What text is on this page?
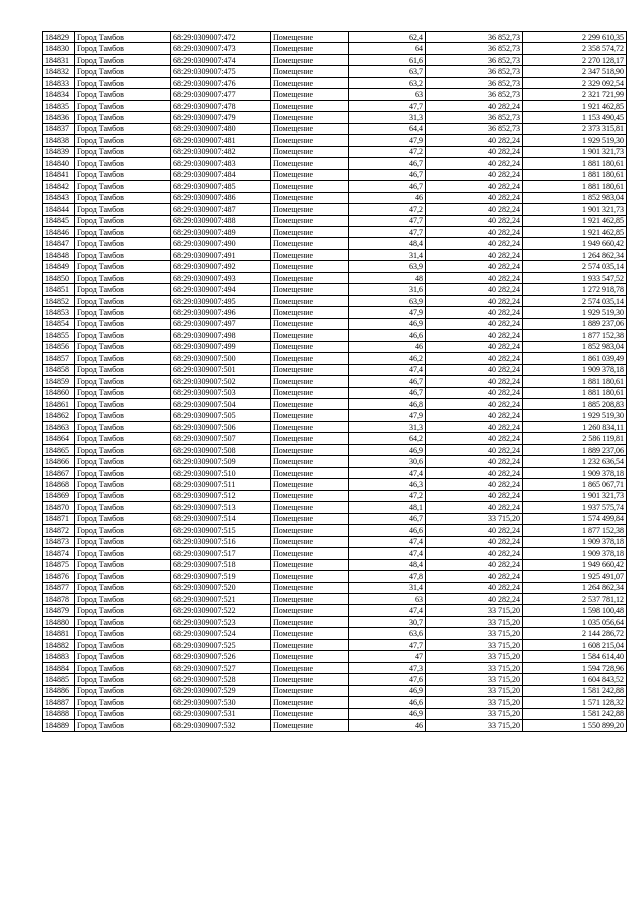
184829	Город Тамбов	68:29:0309007:472	Помещение	62,4	36 852,73	2 299 610,35
184830	Город Тамбов	68:29:0309007:473	Помещение	64	36 852,73	2 358 574,72
184831	Город Тамбов	68:29:0309007:474	Помещение	61,6	36 852,73	2 270 128,17
184832	Город Тамбов	68:29:0309007:475	Помещение	63,7	36 852,73	2 347 518,90
184833	Город Тамбов	68:29:0309007:476	Помещение	63,2	36 852,73	2 329 092,54
184834	Город Тамбов	68:29:0309007:477	Помещение	63	36 852,73	2 321 721,99
184835	Город Тамбов	68:29:0309007:478	Помещение	47,7	40 282,24	1 921 462,85
184836	Город Тамбов	68:29:0309007:479	Помещение	31,3	36 852,73	1 153 490,45
184837	Город Тамбов	68:29:0309007:480	Помещение	64,4	36 852,73	2 373 315,81
184838	Город Тамбов	68:29:0309007:481	Помещение	47,9	40 282,24	1 929 519,30
184839	Город Тамбов	68:29:0309007:482	Помещение	47,2	40 282,24	1 901 321,73
184840	Город Тамбов	68:29:0309007:483	Помещение	46,7	40 282,24	1 881 180,61
184841	Город Тамбов	68:29:0309007:484	Помещение	46,7	40 282,24	1 881 180,61
184842	Город Тамбов	68:29:0309007:485	Помещение	46,7	40 282,24	1 881 180,61
184843	Город Тамбов	68:29:0309007:486	Помещение	46	40 282,24	1 852 983,04
184844	Город Тамбов	68:29:0309007:487	Помещение	47,2	40 282,24	1 901 321,73
184845	Город Тамбов	68:29:0309007:488	Помещение	47,7	40 282,24	1 921 462,85
184846	Город Тамбов	68:29:0309007:489	Помещение	47,7	40 282,24	1 921 462,85
184847	Город Тамбов	68:29:0309007:490	Помещение	48,4	40 282,24	1 949 660,42
184848	Город Тамбов	68:29:0309007:491	Помещение	31,4	40 282,24	1 264 862,34
184849	Город Тамбов	68:29:0309007:492	Помещение	63,9	40 282,24	2 574 035,14
184850	Город Тамбов	68:29:0309007:493	Помещение	48	40 282,24	1 933 547,52
184851	Город Тамбов	68:29:0309007:494	Помещение	31,6	40 282,24	1 272 918,78
184852	Город Тамбов	68:29:0309007:495	Помещение	63,9	40 282,24	2 574 035,14
184853	Город Тамбов	68:29:0309007:496	Помещение	47,9	40 282,24	1 929 519,30
184854	Город Тамбов	68:29:0309007:497	Помещение	46,9	40 282,24	1 889 237,06
184855	Город Тамбов	68:29:0309007:498	Помещение	46,6	40 282,24	1 877 152,38
184856	Город Тамбов	68:29:0309007:499	Помещение	46	40 282,24	1 852 983,04
184857	Город Тамбов	68:29:0309007:500	Помещение	46,2	40 282,24	1 861 039,49
184858	Город Тамбов	68:29:0309007:501	Помещение	47,4	40 282,24	1 909 378,18
184859	Город Тамбов	68:29:0309007:502	Помещение	46,7	40 282,24	1 881 180,61
184860	Город Тамбов	68:29:0309007:503	Помещение	46,7	40 282,24	1 881 180,61
184861	Город Тамбов	68:29:0309007:504	Помещение	46,8	40 282,24	1 885 208,83
184862	Город Тамбов	68:29:0309007:505	Помещение	47,9	40 282,24	1 929 519,30
184863	Город Тамбов	68:29:0309007:506	Помещение	31,3	40 282,24	1 260 834,11
184864	Город Тамбов	68:29:0309007:507	Помещение	64,2	40 282,24	2 586 119,81
184865	Город Тамбов	68:29:0309007:508	Помещение	46,9	40 282,24	1 889 237,06
184866	Город Тамбов	68:29:0309007:509	Помещение	30,6	40 282,24	1 232 636,54
184867	Город Тамбов	68:29:0309007:510	Помещение	47,4	40 282,24	1 909 378,18
184868	Город Тамбов	68:29:0309007:511	Помещение	46,3	40 282,24	1 865 067,71
184869	Город Тамбов	68:29:0309007:512	Помещение	47,2	40 282,24	1 901 321,73
184870	Город Тамбов	68:29:0309007:513	Помещение	48,1	40 282,24	1 937 575,74
184871	Город Тамбов	68:29:0309007:514	Помещение	46,7	33 715,20	1 574 499,84
184872	Город Тамбов	68:29:0309007:515	Помещение	46,6	40 282,24	1 877 152,38
184873	Город Тамбов	68:29:0309007:516	Помещение	47,4	40 282,24	1 909 378,18
184874	Город Тамбов	68:29:0309007:517	Помещение	47,4	40 282,24	1 909 378,18
184875	Город Тамбов	68:29:0309007:518	Помещение	48,4	40 282,24	1 949 660,42
184876	Город Тамбов	68:29:0309007:519	Помещение	47,8	40 282,24	1 925 491,07
184877	Город Тамбов	68:29:0309007:520	Помещение	31,4	40 282,24	1 264 862,34
184878	Город Тамбов	68:29:0309007:521	Помещение	63	40 282,24	2 537 781,12
184879	Город Тамбов	68:29:0309007:522	Помещение	47,4	33 715,20	1 598 100,48
184880	Город Тамбов	68:29:0309007:523	Помещение	30,7	33 715,20	1 035 056,64
184881	Город Тамбов	68:29:0309007:524	Помещение	63,6	33 715,20	2 144 286,72
184882	Город Тамбов	68:29:0309007:525	Помещение	47,7	33 715,20	1 608 215,04
184883	Город Тамбов	68:29:0309007:526	Помещение	47	33 715,20	1 584 614,40
184884	Город Тамбов	68:29:0309007:527	Помещение	47,3	33 715,20	1 594 728,96
184885	Город Тамбов	68:29:0309007:528	Помещение	47,6	33 715,20	1 604 843,52
184886	Город Тамбов	68:29:0309007:529	Помещение	46,9	33 715,20	1 581 242,88
184887	Город Тамбов	68:29:0309007:530	Помещение	46,6	33 715,20	1 571 128,32
184888	Город Тамбов	68:29:0309007:531	Помещение	46,9	33 715,20	1 581 242,88
184889	Город Тамбов	68:29:0309007:532	Помещение	46	33 715,20	1 550 899,20
